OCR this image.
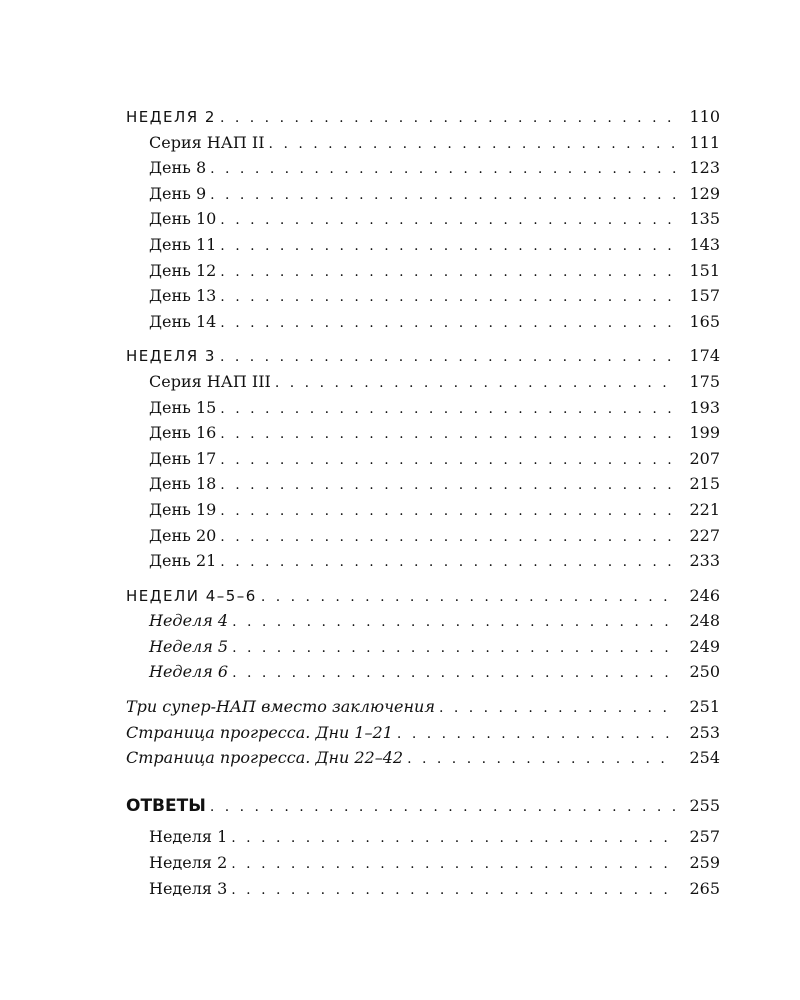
НЕДЕЛЯ 2 . . .	110
Серия НАП II . . .	111
День 8 . . .	123
День 9 . . .	129
День 10 . . .	135
День 11 . . .	143
День 12 . . .	151
День 13 . . .	157
День 14 . . .	165
НЕДЕЛЯ 3 . . .	174
Серия НАП III . . .	175
День 15 . . .	193
День 16 . . .	199
День 17 . . .	207
День 18 . . .	215
День 19 . . .	221
День 20 . . .	227
День 21 . . .	233
НЕДЕЛИ 4–5–6 . . .	246
Неделя 4 . . .	248
Неделя 5 . . .	249
Неделя 6 . . .	250
Три супер-НАП вместо заключения . . .	251
Страница прогресса. Дни 1–21 . . .	253
Страница прогресса. Дни 22–42 . . .	254
ОТВЕТЫ . . .	255
Неделя 1 . . .	257
Неделя 2 . . .	259
Неделя 3 . . .	265
